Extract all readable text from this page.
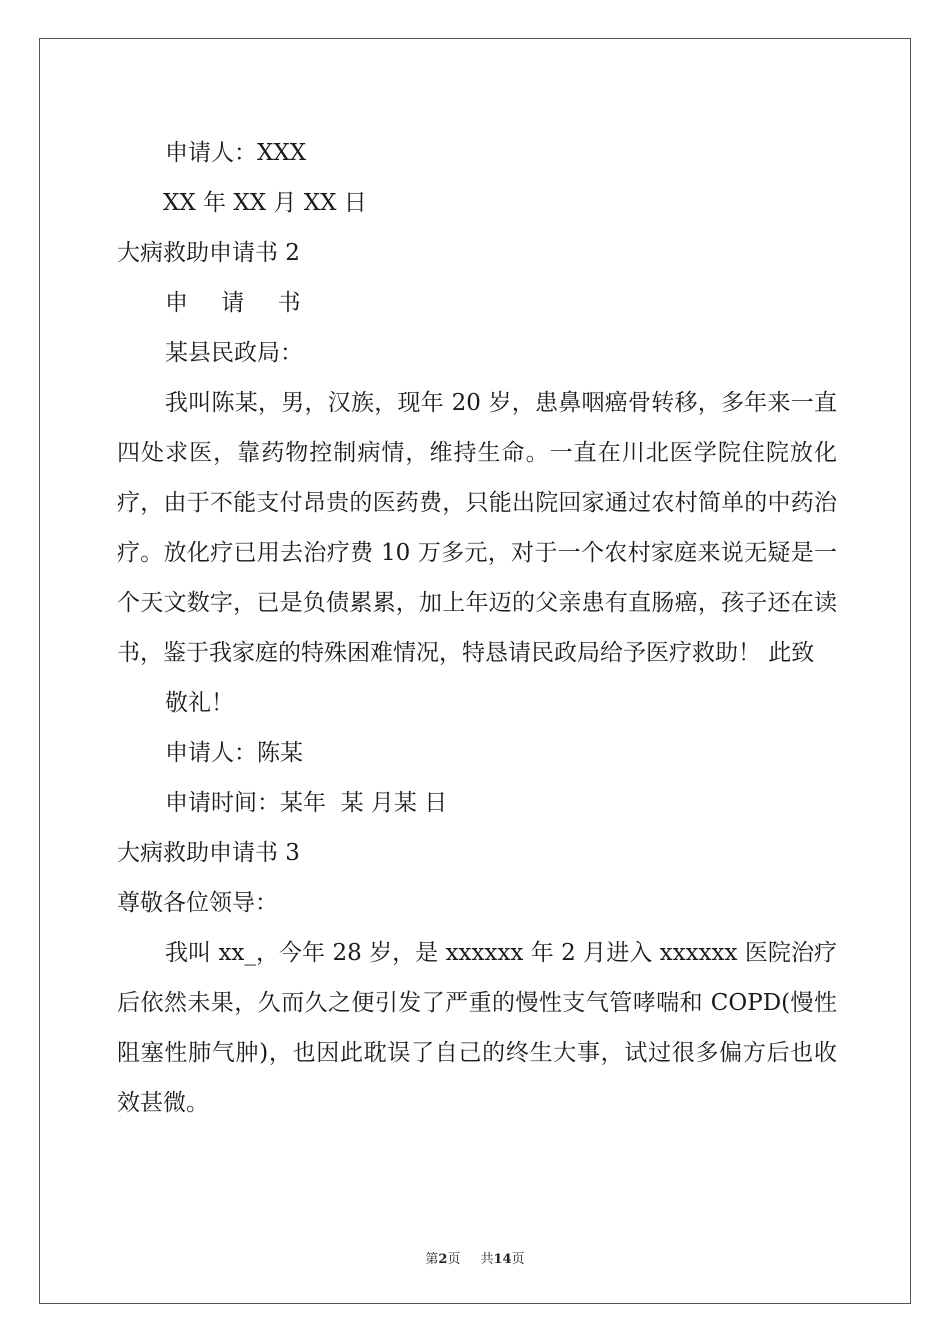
申请人：XXX

XX 年 XX 月 XX 日

大病救助申请书 2

申 请 书

某县民政局：

我叫陈某，男，汉族，现年 20 岁，患鼻咽癌骨转移，多年来一直四处求医，靠药物控制病情，维持生命。一直在川北医学院住院放化疗，由于不能支付昂贵的医药费，只能出院回家通过农村简单的中药治疗。放化疗已用去治疗费 10 万多元，对于一个农村家庭来说无疑是一个天文数字，已是负债累累，加上年迈的父亲患有直肠癌，孩子还在读书，鉴于我家庭的特殊困难情况，特恳请民政局给予医疗救助！ 此致

敬礼！

申请人：陈某

申请时间：某年  某 月某 日

大病救助申请书 3

尊敬各位领导：

我叫 xx_，今年 28 岁，是 xxxxxx 年 2 月进入 xxxxxx 医院治疗后依然未果，久而久之便引发了严重的慢性支气管哮喘和 COPD(慢性阻塞性肺气肿)，也因此耽误了自己的终生大事，试过很多偏方后也收效甚微。

第2页 共14页
